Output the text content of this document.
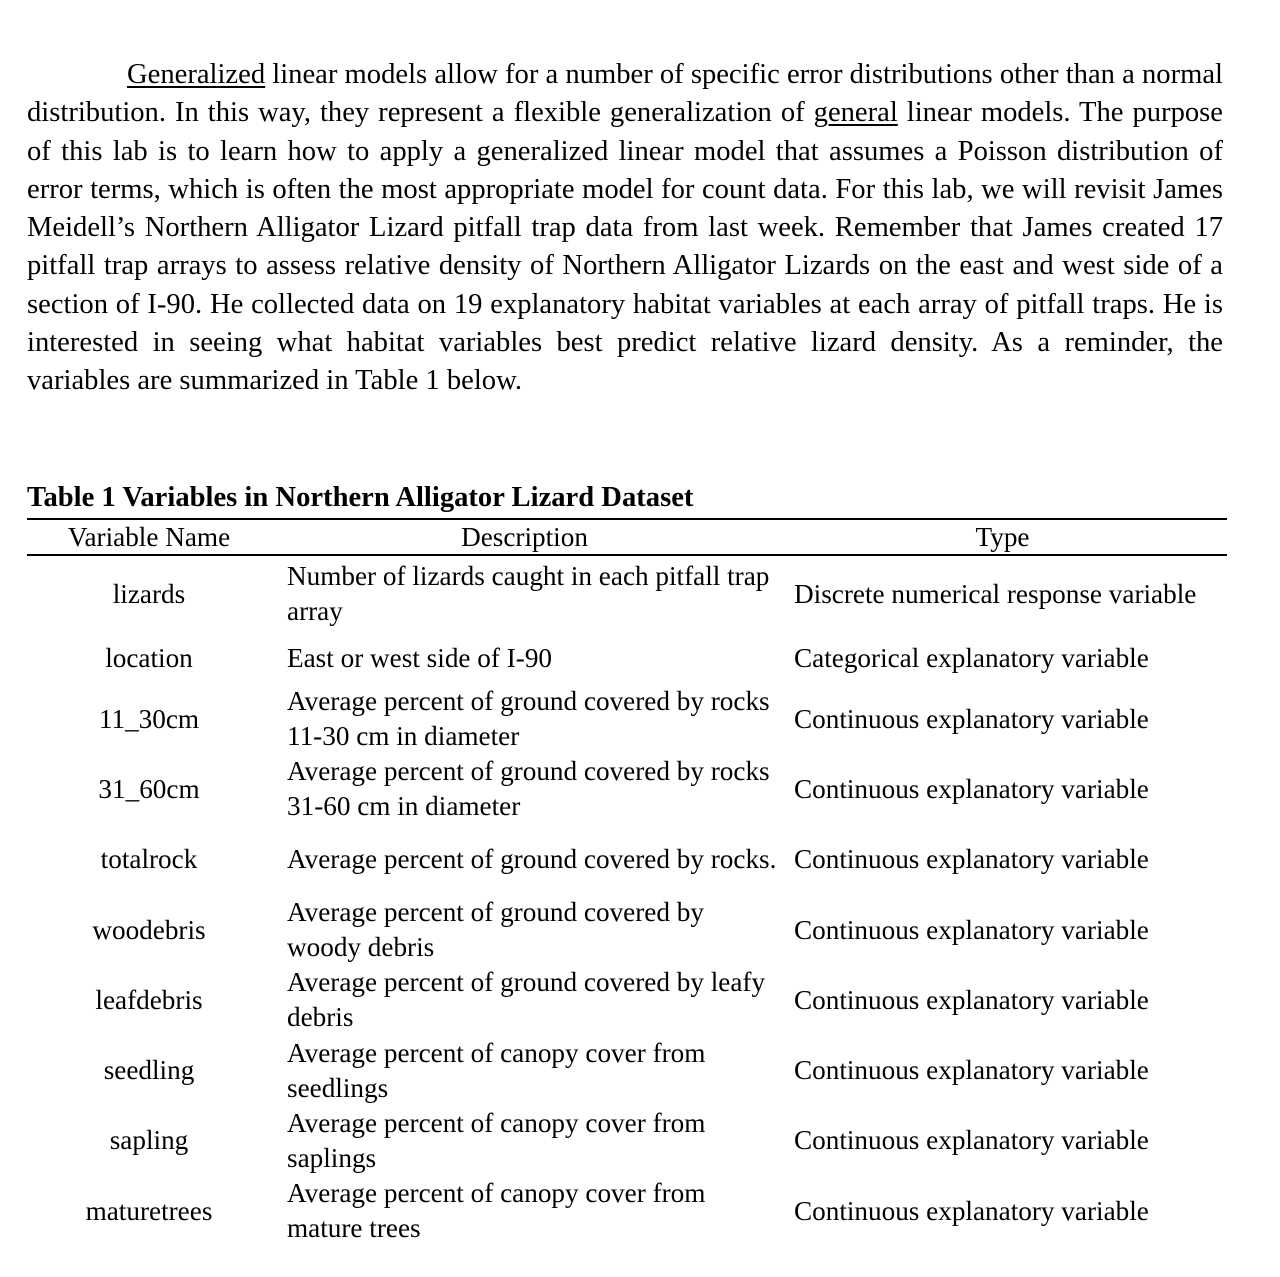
Generalized linear models allow for a number of specific error distributions other than a normal distribution. In this way, they represent a flexible generalization of general linear models. The purpose of this lab is to learn how to apply a generalized linear model that assumes a Poisson distribution of error terms, which is often the most appropriate model for count data. For this lab, we will revisit James Meidell’s Northern Alligator Lizard pitfall trap data from last week. Remember that James created 17 pitfall trap arrays to assess relative density of Northern Alligator Lizards on the east and west side of a section of I-90. He collected data on 19 explanatory habitat variables at each array of pitfall traps. He is interested in seeing what habitat variables best predict relative lizard density. As a reminder, the variables are summarized in Table 1 below.

Table 1 Variables in Northern Alligator Lizard Dataset
Variable Name	Description	Type
lizards	Number of lizards caught in each pitfall trap array	Discrete numerical response variable
location	East or west side of I-90	Categorical explanatory variable
11_30cm	Average percent of ground covered by rocks 11-30 cm in diameter	Continuous explanatory variable
31_60cm	Average percent of ground covered by rocks 31-60 cm in diameter	Continuous explanatory variable
totalrock	Average percent of ground covered by rocks.	Continuous explanatory variable
woodebris	Average percent of ground covered by woody debris	Continuous explanatory variable
leafdebris	Average percent of ground covered by leafy debris	Continuous explanatory variable
seedling	Average percent of canopy cover from seedlings	Continuous explanatory variable
sapling	Average percent of canopy cover from saplings	Continuous explanatory variable
maturetrees	Average percent of canopy cover from mature trees	Continuous explanatory variable
